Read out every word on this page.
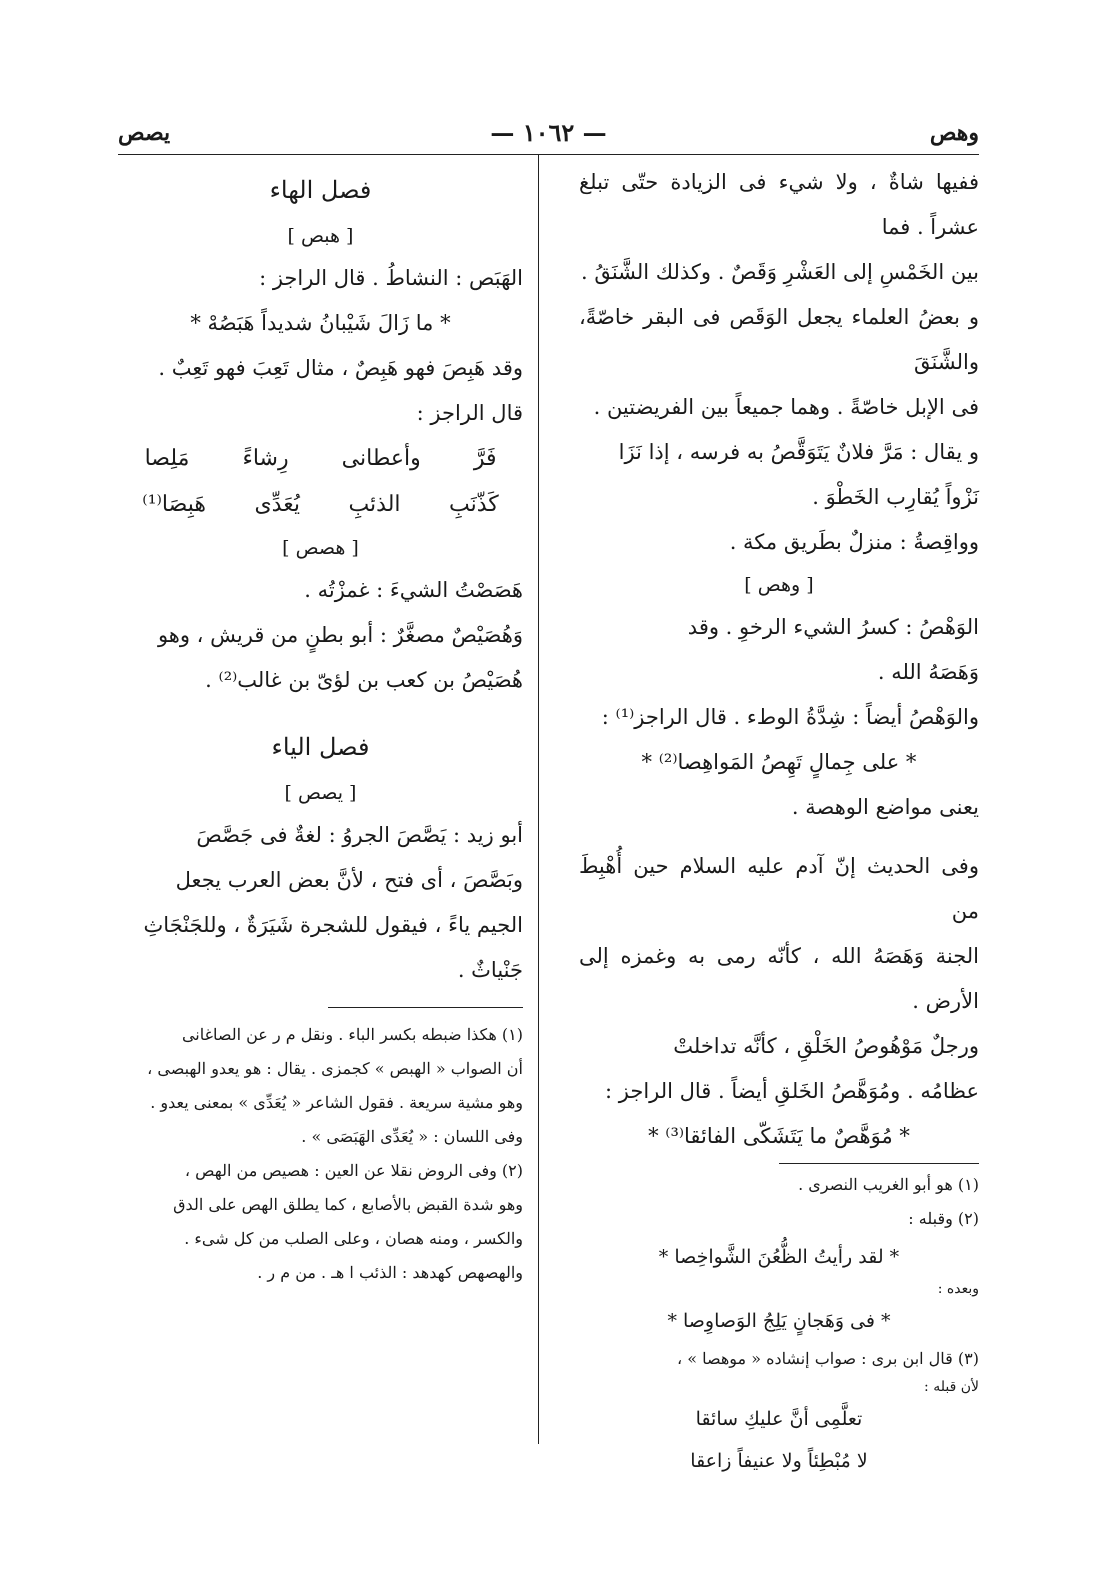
وهص
— ١٠٦٢ —
يصص

ففيها شاةٌ ، ولا شيء فى الزيادة حتّى تبلغ عشراً . فما

بين الخَمْسِ إلى العَشْرِ وَقَصٌ . وكذلك الشَّنَقُ .

و بعضُ العلماء يجعل الوَقَص فى البقر خاصّةً، والشَّنَقَ

فى الإبل خاصّةً . وهما جميعاً بين الفريضتين .

و يقال : مَرَّ فلانٌ يَتَوَقَّصُ به فرسه ، إذا نَزَا

نَزْواً يُقارِب الخَطْوَ .

وواقِصةُ : منزلٌ بطَريق مكة .

[ وهص ]

الوَهْصُ : كسرُ الشيء الرخوِ . وقد

وَهَصَهُ الله .

والوَهْصُ أيضاً : شِدَّةُ الوطء . قال الراجز⁽¹⁾ :

* على جِمالٍ تَهِصُ المَواهِصا⁽²⁾ *

يعنى مواضع الوهصة .

وفى الحديث إنّ آدم عليه السلام حين أُهْبِطَ من

الجنة وَهَصَهُ الله ، كأنّه رمى به وغمزه إلى الأرض .

ورجلٌ مَوْهُوصُ الخَلْقِ ، كأنَّه تداخلتْ

عظامُه . ومُوَهَّصُ الخَلقِ أيضاً . قال الراجز :

* مُوَهَّصٌ ما يَتَشَكّى الفائقا⁽³⁾ *

(١) هو أبو الغريب النصرى .

(٢) وقبله :

* لقد رأيتُ الظُّعُنَ الشَّواخِصا *

وبعده :

* فى وَهَجانٍ يَلِجُ الوَصاوِصا *

(٣) قال ابن برى : صواب إنشاده « موهصا » ،

لأن قبله :

تعلَّمِى أنَّ عليكِ سائقا

لا مُبْطِئاً ولا عنيفاً زاعقا

فصل الهاء

[ هبص ]

الهَبَص : النشاطُ . قال الراجز :

* ما زَالَ شَيْبانُ شديداً هَبَصُهْ *

وقد هَبِصَ فهو هَبِصٌ ، مثال تَعِبَ فهو تَعِبٌ .

قال الراجز :

فَرَّ
وأعطانى
رِشاءً
مَلِصا
كَذّنَبِ
الذئبِ
يُعَدِّى
هَبِصَا⁽¹⁾

[ هصص ]

هَصَصْتُ الشيءَ : غمزْتُه .

وَهُصَيْصٌ مصغَّرٌ : أبو بطنٍ من قريش ، وهو

هُصَيْصُ بن كعب بن لؤىّ بن غالب⁽²⁾ .

فصل الياء

[ يصص ]

أبو زيد : يَصَّصَ الجروُ : لغةٌ فى جَصَّصَ

وبَصَّصَ ، أى فتح ، لأنَّ بعض العرب يجعل

الجيم ياءً ، فيقول للشجرة شَيَرَةٌ ، وللجَنْجَاثِ

جَنْياثٌ .

(١) هكذا ضبطه بكسر الباء . ونقل م ر عن الصاغانى

أن الصواب « الهبص » كجمزى . يقال : هو يعدو الهبصى ،

وهو مشية سريعة . فقول الشاعر « يُعَدِّى » بمعنى يعدو .

وفى اللسان : « يُعَدِّى الهَبَصَى » .

(٢) وفى الروض نقلا عن العين : هصيص من الهص ،

وهو شدة القبض بالأصابع ، كما يطلق الهص على الدق

والكسر ، ومنه هصان ، وعلى الصلب من كل شىء .

والهصهص كهدهد : الذئب ا هـ . من م ر .
